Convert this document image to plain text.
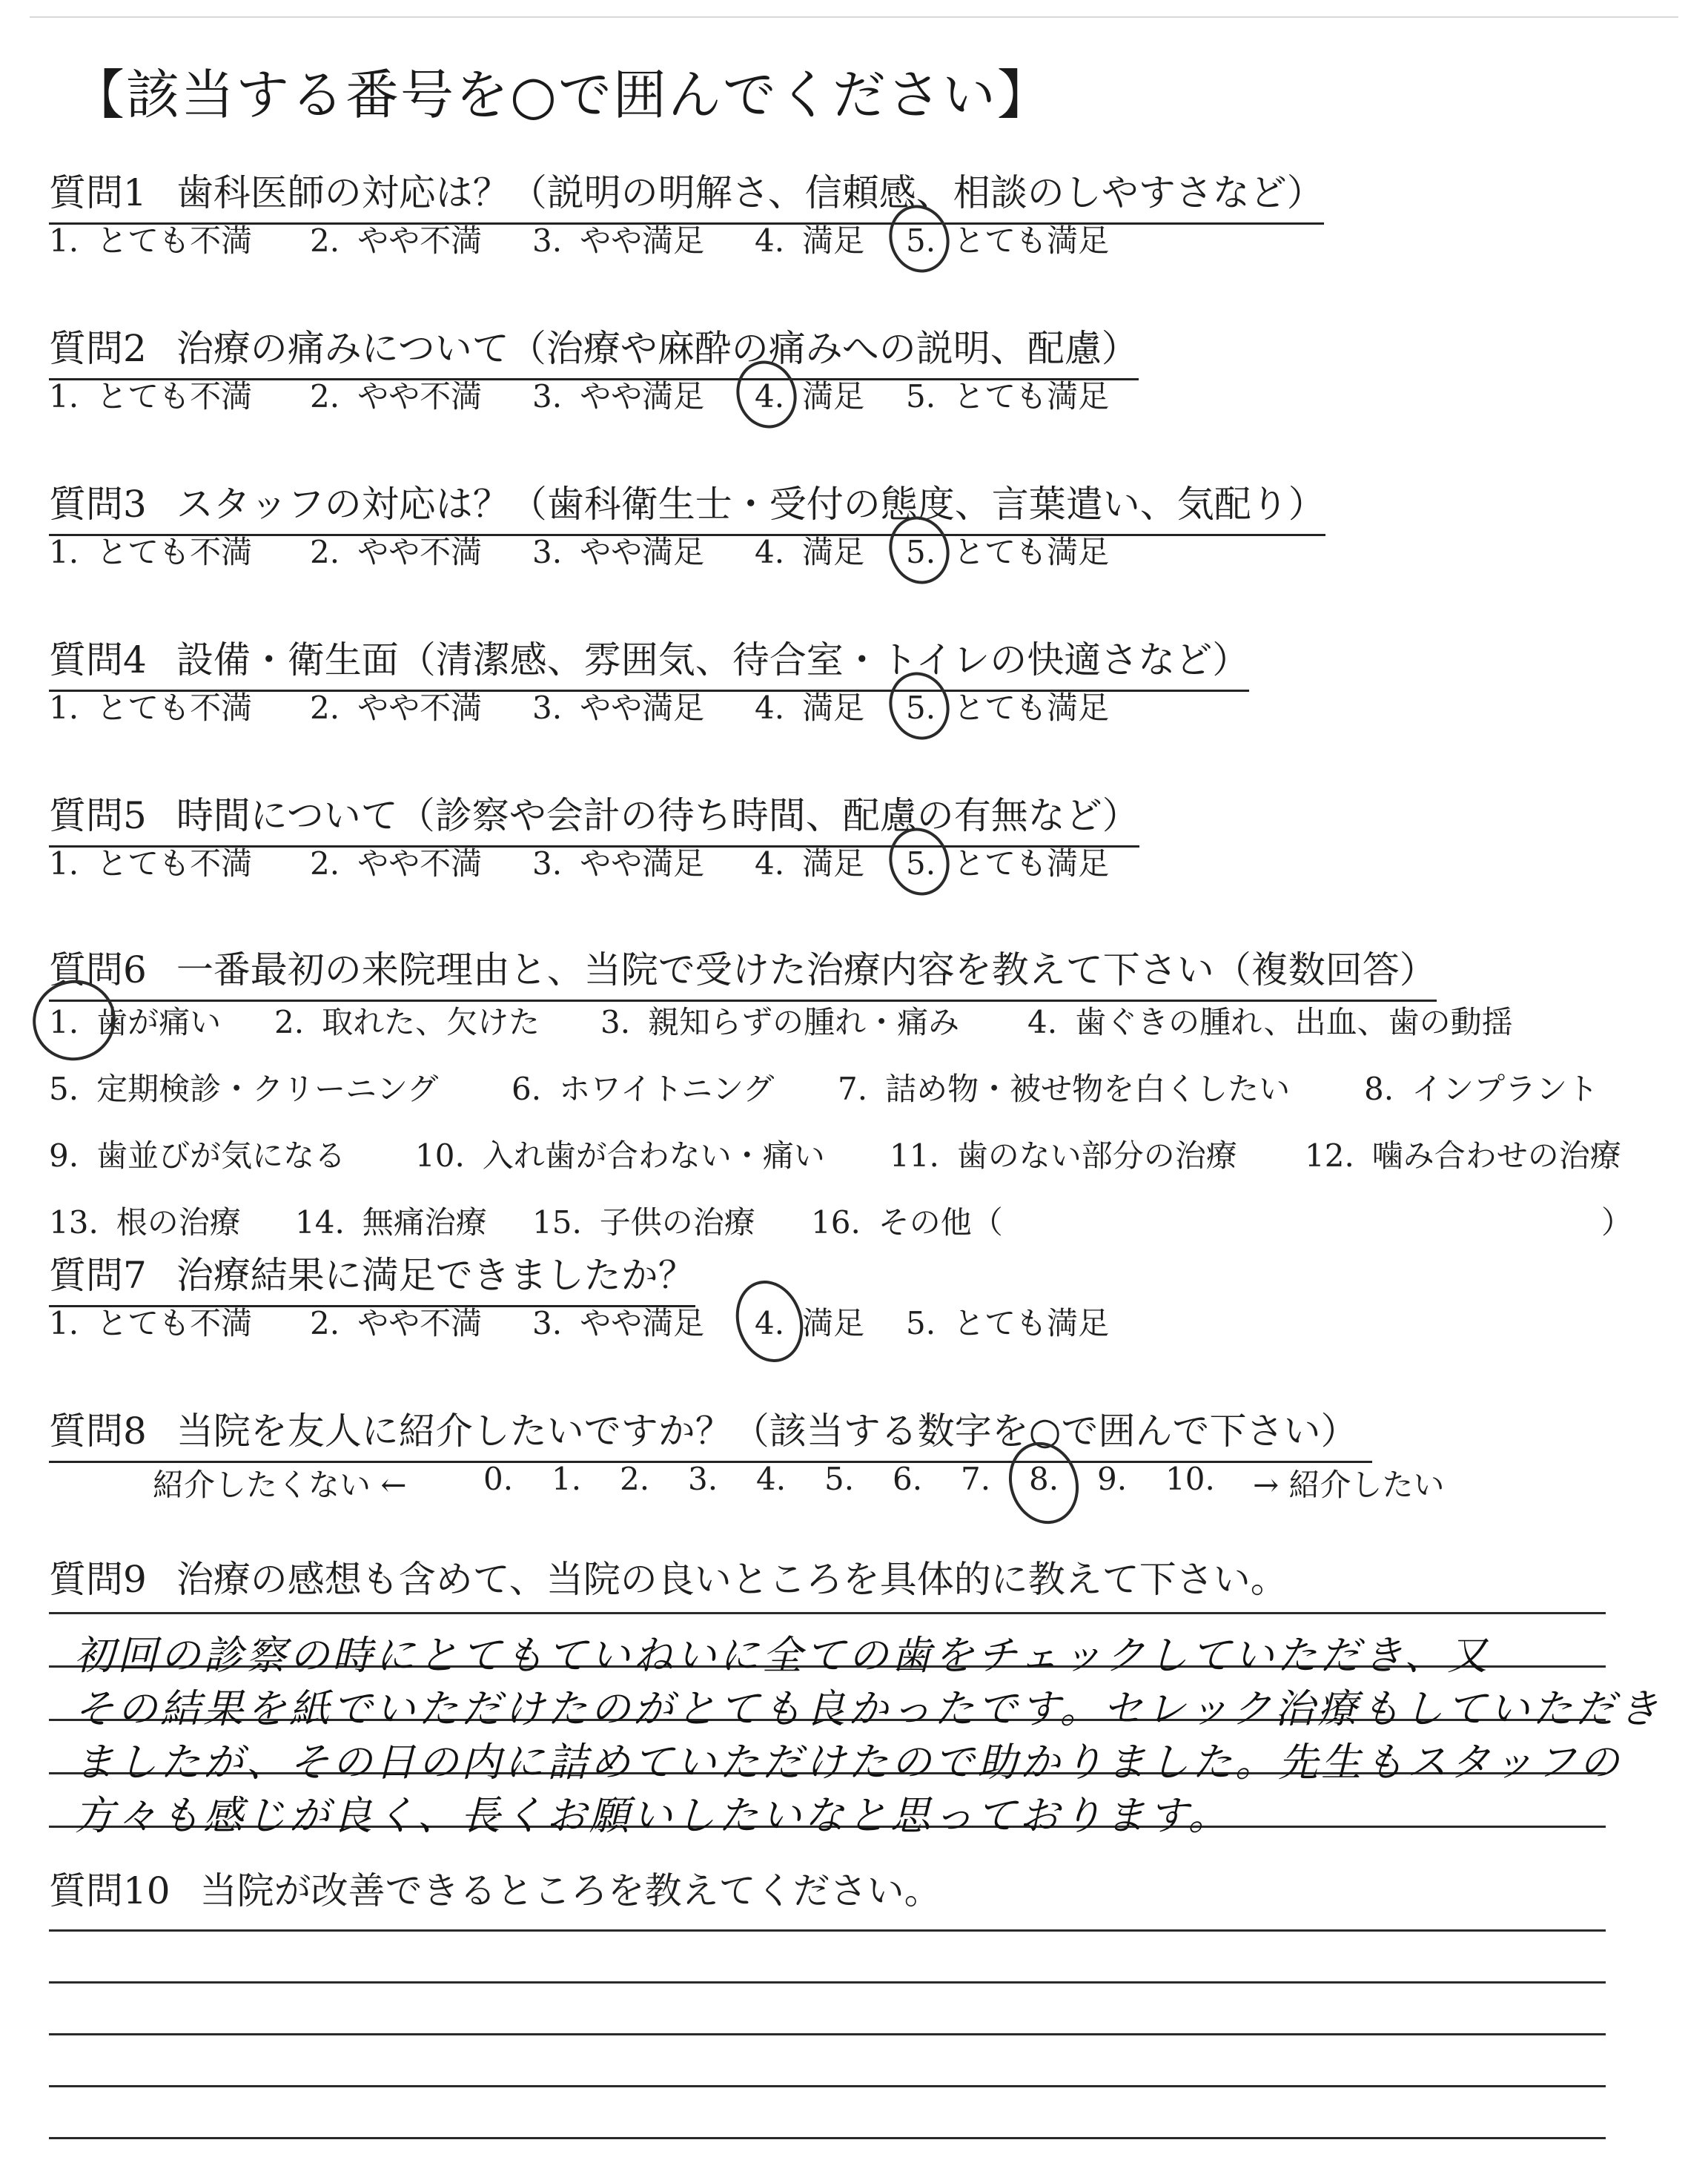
【該当する番号を○で囲んでください】
質問1 歯科医師の対応は？（説明の明解さ、信頼感、相談のしやすさなど）
1. とても不満 2. やや不満 3. やや満足 4. 満足 5. とても満足
質問2 治療の痛みについて（治療や麻酔の痛みへの説明、配慮）
1. とても不満 2. やや不満 3. やや満足 4. 満足 5. とても満足
質問3 スタッフの対応は？（歯科衛生士・受付の態度、言葉遣い、気配り）
1. とても不満 2. やや不満 3. やや満足 4. 満足 5. とても満足
質問4 設備・衛生面（清潔感、雰囲気、待合室・トイレの快適さなど）
1. とても不満 2. やや不満 3. やや満足 4. 満足 5. とても満足
質問5 時間について（診察や会計の待ち時間、配慮の有無など）
1. とても不満 2. やや不満 3. やや満足 4. 満足 5. とても満足
質問6 一番最初の来院理由と、当院で受けた治療内容を教えて下さい（複数回答）
1. 歯が痛い 2. 取れた、欠けた 3. 親知らずの腫れ・痛み 4. 歯ぐきの腫れ、出血、歯の動揺
5. 定期検診・クリーニング 6. ホワイトニング 7. 詰め物・被せ物を白くしたい 8. インプラント
9. 歯並びが気になる 10. 入れ歯が合わない・痛い 11. 歯のない部分の治療 12. 噛み合わせの治療
13. 根の治療 14. 無痛治療 15. 子供の治療 16. その他（	）
質問7 治療結果に満足できましたか？
1. とても不満 2. やや不満 3. やや満足 4. 満足 5. とても満足
質問8 当院を友人に紹介したいですか？（該当する数字を○で囲んで下さい）
紹介したくない ← 0. 1. 2. 3. 4. 5. 6. 7. 8. 9. 10. → 紹介したい
質問9 治療の感想も含めて、当院の良いところを具体的に教えて下さい。
初回の診察の時にとてもていねいに全ての歯をチェックしていただき、又
その結果を紙でいただけたのがとても良かったです。セレック治療もしていただき
ましたが、その日の内に詰めていただけたので助かりました。先生もスタッフの
方々も感じが良く、長くお願いしたいなと思っております。
質問10 当院が改善できるところを教えてください。
